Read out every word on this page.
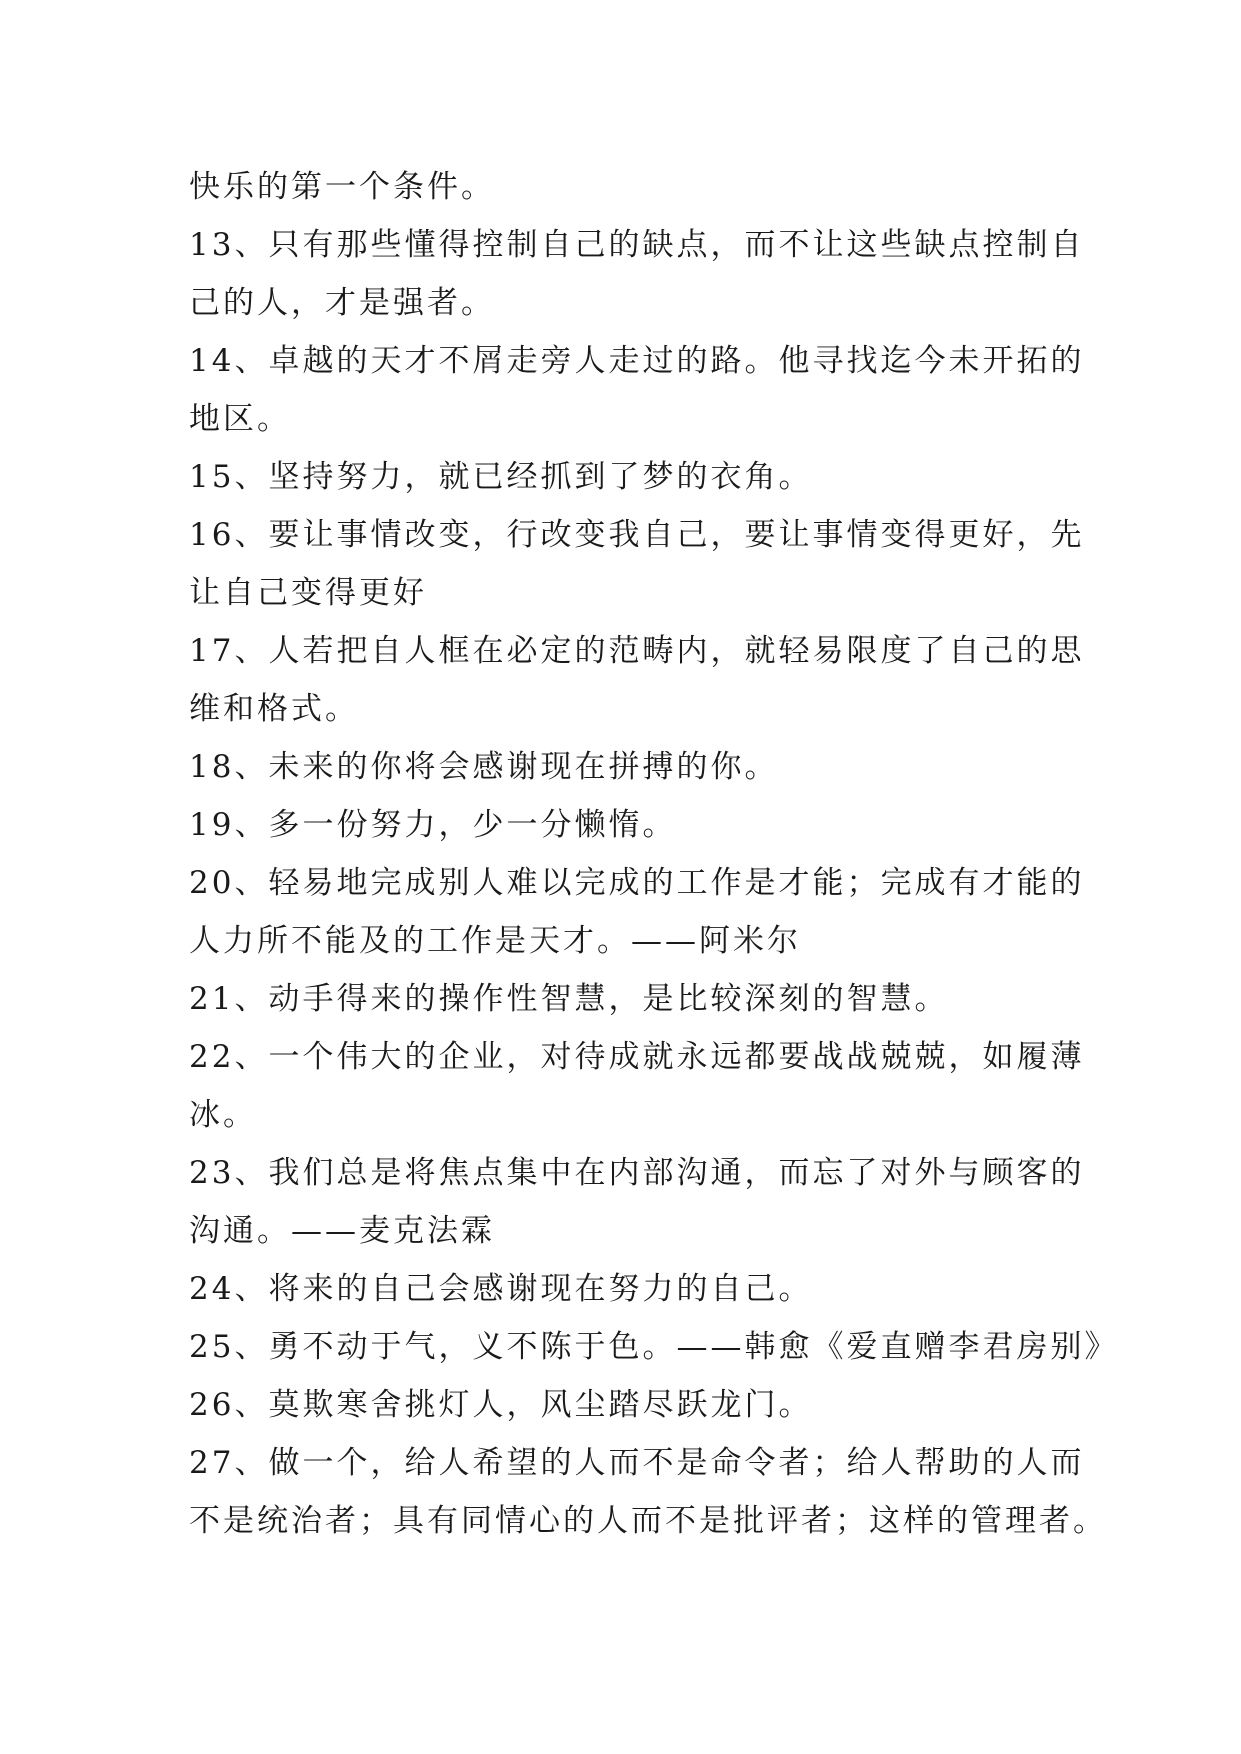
快乐的第一个条件。
13、只有那些懂得控制自己的缺点，而不让这些缺点控制自
己的人，才是强者。
14、卓越的天才不屑走旁人走过的路。他寻找迄今未开拓的
地区。
15、坚持努力，就已经抓到了梦的衣角。
16、要让事情改变，行改变我自己，要让事情变得更好，先
让自己变得更好
17、人若把自人框在必定的范畴内，就轻易限度了自己的思
维和格式。
18、未来的你将会感谢现在拼搏的你。
19、多一份努力，少一分懒惰。
20、轻易地完成别人难以完成的工作是才能；完成有才能的
人力所不能及的工作是天才。——阿米尔
21、动手得来的操作性智慧，是比较深刻的智慧。
22、一个伟大的企业，对待成就永远都要战战兢兢，如履薄
冰。
23、我们总是将焦点集中在内部沟通，而忘了对外与顾客的
沟通。——麦克法霖
24、将来的自己会感谢现在努力的自己。
25、勇不动于气，义不陈于色。——韩愈《爱直赠李君房别》
26、莫欺寒舍挑灯人，风尘踏尽跃龙门。
27、做一个，给人希望的人而不是命令者；给人帮助的人而
不是统治者；具有同情心的人而不是批评者；这样的管理者。
